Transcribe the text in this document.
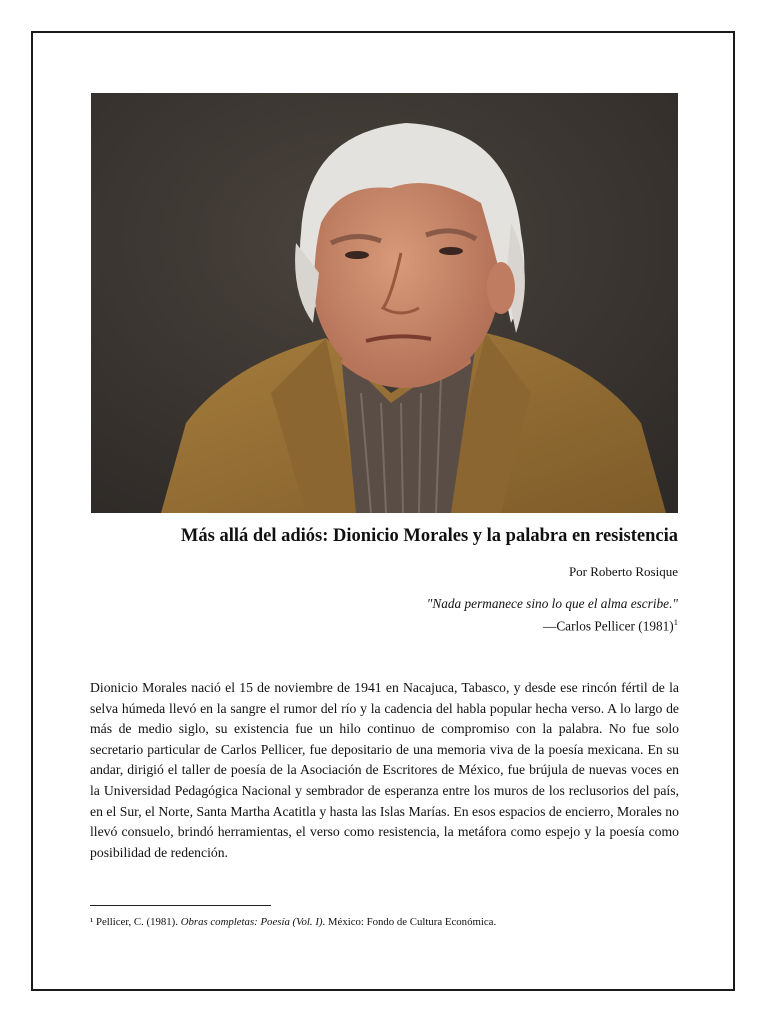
Más allá del adiós: Dionicio Morales y la palabra en resistencia
Por Roberto Rosique
"Nada permanece sino lo que el alma escribe."
—Carlos Pellicer $(1981)^1$

Dionicio Morales nació el 15 de noviembre de 1941 en Nacajuca, Tabasco, y desde ese rincón fértil de la selva húmeda llevó en la sangre el rumor del río y la cadencia del habla popular hecha verso. A lo largo de más de medio siglo, su existencia fue un hilo continuo de compromiso con la palabra. No fue solo secretario particular de Carlos Pellicer, fue depositario de una memoria viva de la poesía mexicana. En su andar, dirigió el taller de poesía de la Asociación de Escritores de México, fue brújula de nuevas voces en la Universidad Pedagógica Nacional y sembrador de esperanza entre los muros de los reclusorios del país, en el Sur, el Norte, Santa Martha Acatitla y hasta las Islas Marías. En esos espacios de encierro, Morales no llevó consuelo, brindó herramientas, el verso como resistencia, la metáfora como espejo y la poesía como posibilidad de redención.

¹ Pellicer, C. (1981). Obras completas: Poesía (Vol. I). México: Fondo de Cultura Económica.
